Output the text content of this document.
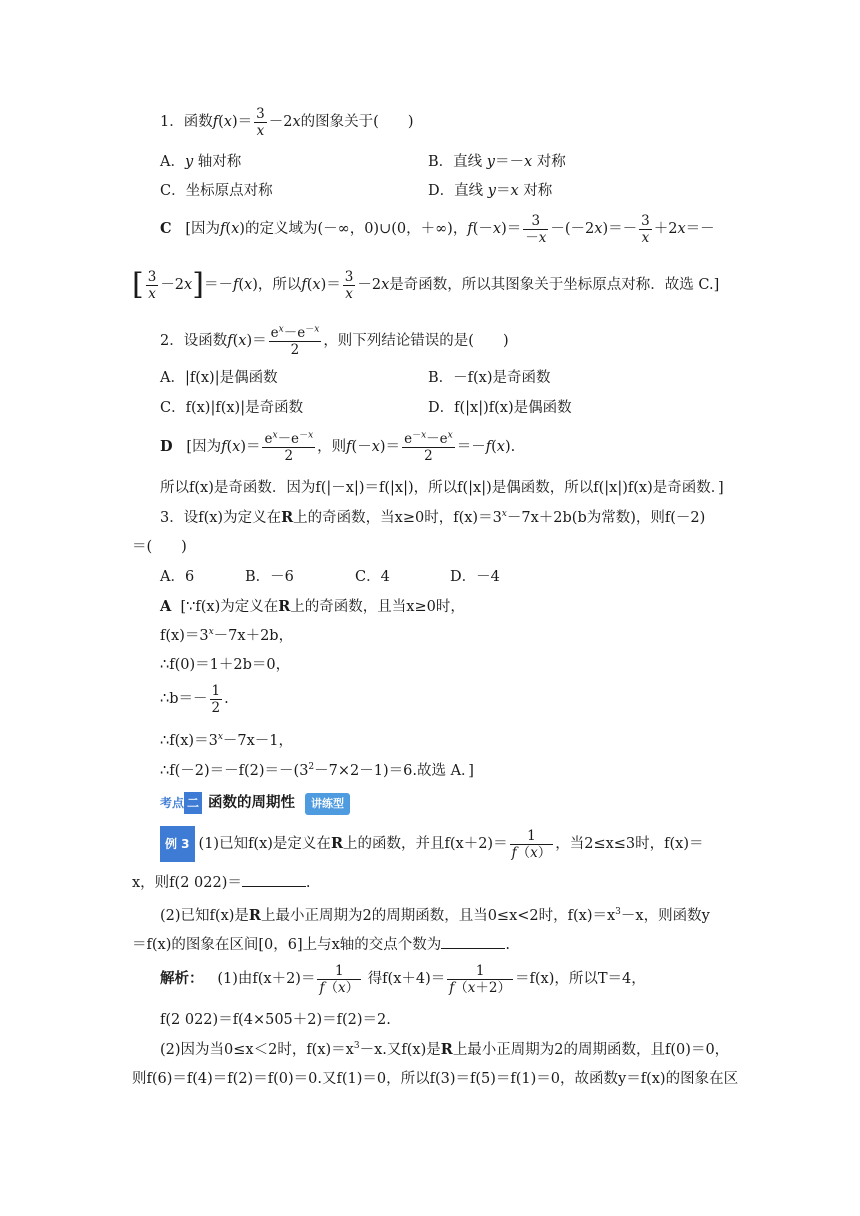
1．函数$f(x)= \frac{3}{x} -2x$的图象关于(　　)
A．y 轴对称	B．直线 y＝－x 对称
C．坐标原点对称	D．直线 y＝x 对称
C [因为f(x)的定义域为(－∞，0)∪(0，＋∞)，$f(-x)= \frac{3}{-x} -(-2x)=- \frac{3}{x} +2x=-$
[ $\frac{3}{x} -2x]=-f(x)$，所以$f(x)= \frac{3}{x} -2x$是奇函数，所以其图象关于坐标原点对称．故选 C.]
2．设函数$f(x)= \frac{e^x-e^{-x}}{2}$ ，则下列结论错误的是(　　)
A．|f(x)|是偶函数	B．－f(x)是奇函数
C．f(x)|f(x)|是奇函数	D．f(|x|)f(x)是偶函数
D [因为$f(x)= \frac{e^x-e^{-x}}{2}$ ，则$f(-x)= \frac{e^{-x}-e^x}{2} =-f(x)$.
所以f(x)是奇函数．因为f(|－x|)＝f(|x|)，所以f(|x|)是偶函数，所以f(|x|)f(x)是奇函数．]
3．设f(x)为定义在R上的奇函数，当x≥0时，$f(x)=3^x-7x+2b(b$为常数)，则f(－2)
＝(　　)
A．6	B．－6	C．4	D．－4
A [∵f(x)为定义在R上的奇函数，且当x≥0时，
$f(x)=3^x-7x+2b$，
∴f(0)＝1＋2b＝0，
∴b＝－ $\frac{1}{2}$ .
$\therefore f(x)=3^x-7x-1$，
$\therefore f(-2)=-f(2)=-(3^2-7\times 2-1)=6$.故选 A．]
考点 二 函数的周期性 讲练型
例 3 (1)已知f(x)是定义在R上的函数，并且$f(x+2)= \frac{1}{f(x)}$ ，当2≤x≤3时，f(x)＝
x，则f(2 022)＝	.
(2)已知f(x)是R上最小正周期为2的周期函数，且当0≤x<2时，$f(x)=x^3-x$，则函数y
＝f(x)的图象在区间[0，6]上与x轴的交点个数为	.
解析： (1)由$f(x+2)= \frac{1}{f(x)}$ 得$f(x+4)= \frac{1}{f(x+2)} =f(x)$，所以T＝4，
f(2 022)＝f(4×505＋2)＝f(2)＝2.
(2)因为当0≤x＜2时，$f(x)=x^3-x$.又f(x)是R上最小正周期为2的周期函数，且f(0)＝0，
则f(6)＝f(4)＝f(2)＝f(0)＝0.又f(1)＝0，所以f(3)＝f(5)＝f(1)＝0，故函数y＝f(x)的图象在区
